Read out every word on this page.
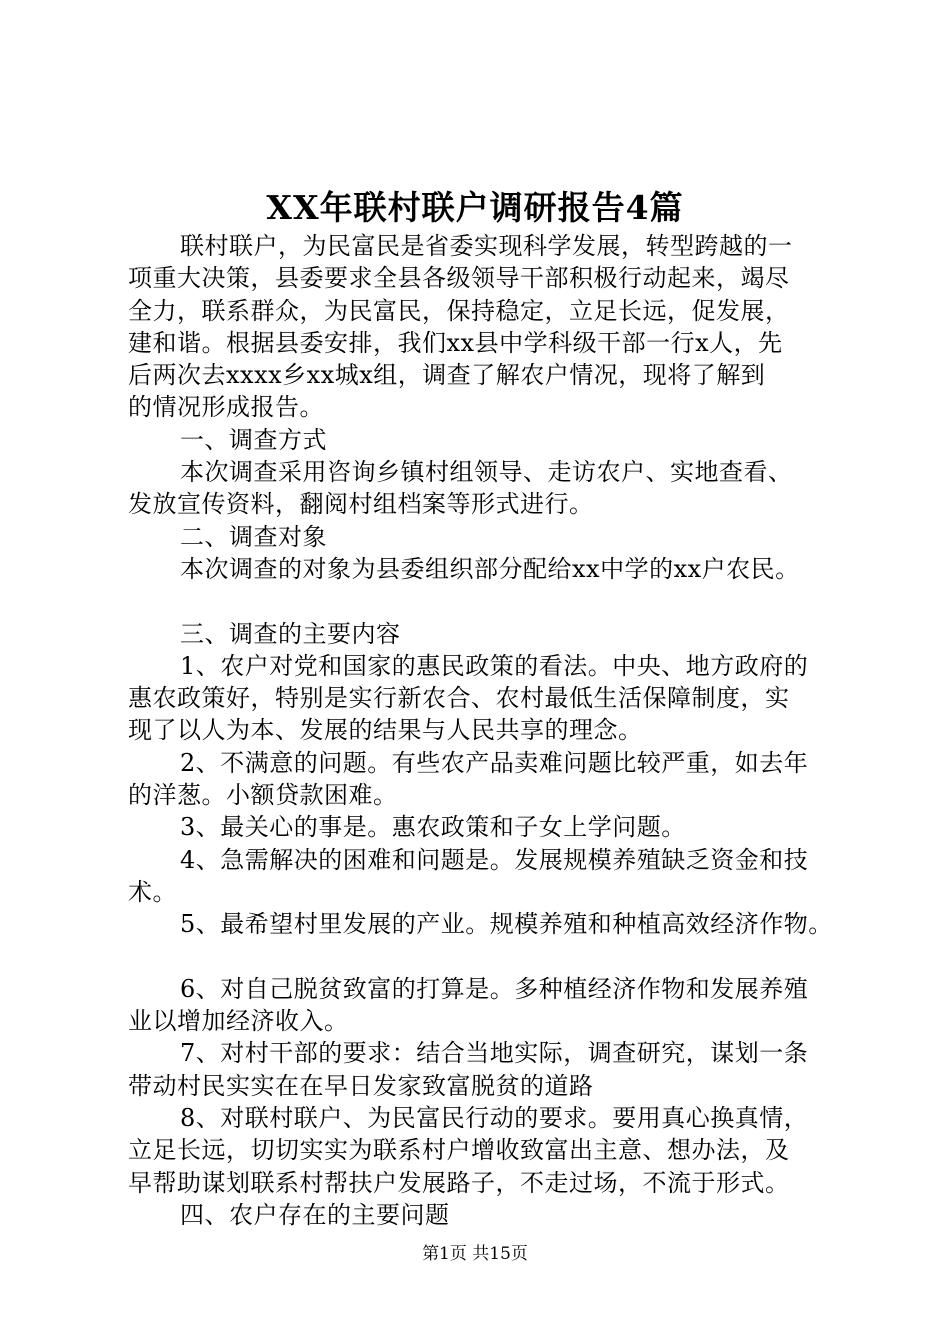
XX年联村联户调研报告4篇
联村联户，为民富民是省委实现科学发展，转型跨越的一
项重大决策，县委要求全县各级领导干部积极行动起来，竭尽
全力，联系群众，为民富民，保持稳定，立足长远，促发展，
建和谐。根据县委安排，我们xx县中学科级干部一行x人，先
后两次去xxxx乡xx城x组，调查了解农户情况，现将了解到
的情况形成报告。
一、调查方式
本次调查采用咨询乡镇村组领导、走访农户、实地查看、
发放宣传资料，翻阅村组档案等形式进行。
二、调查对象
本次调查的对象为县委组织部分配给xx中学的xx户农民。
三、调查的主要内容
1、农户对党和国家的惠民政策的看法。中央、地方政府的
惠农政策好，特别是实行新农合、农村最低生活保障制度，实
现了以人为本、发展的结果与人民共享的理念。
2、不满意的问题。有些农产品卖难问题比较严重，如去年
的洋葱。小额贷款困难。
3、最关心的事是。惠农政策和子女上学问题。
4、急需解决的困难和问题是。发展规模养殖缺乏资金和技
术。
5、最希望村里发展的产业。规模养殖和种植高效经济作物。
6、对自己脱贫致富的打算是。多种植经济作物和发展养殖
业以增加经济收入。
7、对村干部的要求：结合当地实际，调查研究，谋划一条
带动村民实实在在早日发家致富脱贫的道路
8、对联村联户、为民富民行动的要求。要用真心换真情，
立足长远，切切实实为联系村户增收致富出主意、想办法，及
早帮助谋划联系村帮扶户发展路子，不走过场，不流于形式。
四、农户存在的主要问题
第1页 共15页
